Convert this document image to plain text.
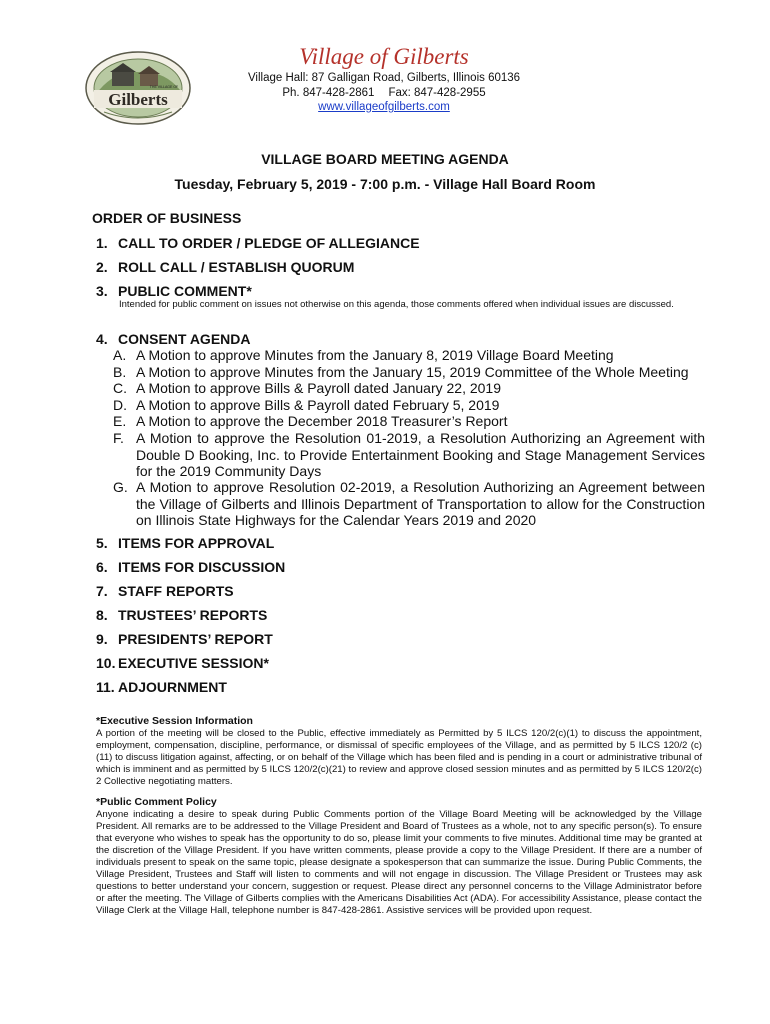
Gilberts
THE VILLAGE OF
Village of Gilberts
Village Hall: 87 Galligan Road, Gilberts, Illinois 60136
Ph. 847-428-2861 Fax: 847-428-2955
www.villageofgilberts.com
VILLAGE BOARD MEETING AGENDA
Tuesday, February 5, 2019 - 7:00 p.m. - Village Hall Board Room
ORDER OF BUSINESS
1. CALL TO ORDER / PLEDGE OF ALLEGIANCE
2. ROLL CALL / ESTABLISH QUORUM
3. PUBLIC COMMENT*
Intended for public comment on issues not otherwise on this agenda, those comments offered when individual issues are discussed.
4. CONSENT AGENDA
A. A Motion to approve Minutes from the January 8, 2019 Village Board Meeting
B. A Motion to approve Minutes from the January 15, 2019 Committee of the Whole Meeting
C. A Motion to approve Bills & Payroll dated January 22, 2019
D. A Motion to approve Bills & Payroll dated February 5, 2019
E. A Motion to approve the December 2018 Treasurer’s Report
F. A Motion to approve the Resolution 01-2019, a Resolution Authorizing an Agreement with Double D Booking, Inc. to Provide Entertainment Booking and Stage Management Services for the 2019 Community Days
G. A Motion to approve Resolution 02-2019, a Resolution Authorizing an Agreement between the Village of Gilberts and Illinois Department of Transportation to allow for the Construction on Illinois State Highways for the Calendar Years 2019 and 2020
5. ITEMS FOR APPROVAL
6. ITEMS FOR DISCUSSION
7. STAFF REPORTS
8. TRUSTEES’ REPORTS
9. PRESIDENTS’ REPORT
10. EXECUTIVE SESSION*
11. ADJOURNMENT
*Executive Session Information
A portion of the meeting will be closed to the Public, effective immediately as Permitted by 5 ILCS 120/2(c)(1) to discuss the appointment, employment, compensation, discipline, performance, or dismissal of specific employees of the Village, and as permitted by 5 ILCS 120/2 (c)(11) to discuss litigation against, affecting, or on behalf of the Village which has been filed and is pending in a court or administrative tribunal of which is imminent and as permitted by 5 ILCS 120/2(c)(21) to review and approve closed session minutes and as permitted by 5 ILCS 120/2(c) 2 Collective negotiating matters.
*Public Comment Policy
Anyone indicating a desire to speak during Public Comments portion of the Village Board Meeting will be acknowledged by the Village President. All remarks are to be addressed to the Village President and Board of Trustees as a whole, not to any specific person(s). To ensure that everyone who wishes to speak has the opportunity to do so, please limit your comments to five minutes. Additional time may be granted at the discretion of the Village President. If you have written comments, please provide a copy to the Village President. If there are a number of individuals present to speak on the same topic, please designate a spokesperson that can summarize the issue. During Public Comments, the Village President, Trustees and Staff will listen to comments and will not engage in discussion. The Village President or Trustees may ask questions to better understand your concern, suggestion or request. Please direct any personnel concerns to the Village Administrator before or after the meeting. The Village of Gilberts complies with the Americans Disabilities Act (ADA). For accessibility Assistance, please contact the Village Clerk at the Village Hall, telephone number is 847-428-2861. Assistive services will be provided upon request.
